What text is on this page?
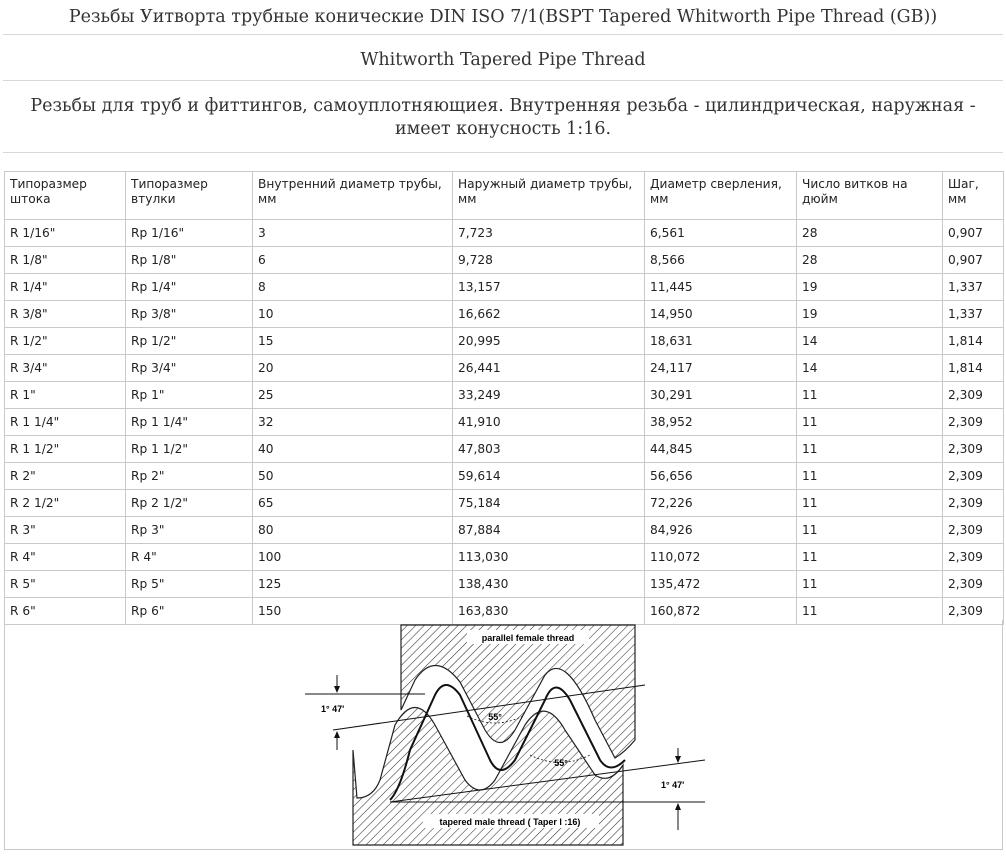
Резьбы Уитворта трубные конические DIN ISO 7/1(BSPT Tapered Whitworth Pipe Thread (GB))
Whitworth Tapered Pipe Thread
Резьбы для труб и фиттингов, самоуплотняющиея. Внутренняя резьба - цилиндрическая, наружная -
имеет конусность 1:16.
Типоразмер штока	Типоразмер втулки	Внутренний диаметр трубы, мм	Наружный диаметр трубы, мм	Диаметр сверления, мм	Число витков на дюйм	Шаг, мм
R 1/16"	Rp 1/16"	3	7,723	6,561	28	0,907
R 1/8"	Rp 1/8"	6	9,728	8,566	28	0,907
R 1/4"	Rp 1/4"	8	13,157	11,445	19	1,337
R 3/8"	Rp 3/8"	10	16,662	14,950	19	1,337
R 1/2"	Rp 1/2"	15	20,995	18,631	14	1,814
R 3/4"	Rp 3/4"	20	26,441	24,117	14	1,814
R 1"	Rp 1"	25	33,249	30,291	11	2,309
R 1 1/4"	Rp 1 1/4"	32	41,910	38,952	11	2,309
R 1 1/2"	Rp 1 1/2"	40	47,803	44,845	11	2,309
R 2"	Rp 2"	50	59,614	56,656	11	2,309
R 2 1/2"	Rp 2 1/2"	65	75,184	72,226	11	2,309
R 3"	Rp 3"	80	87,884	84,926	11	2,309
R 4"	R 4"	100	113,030	110,072	11	2,309
R 5"	Rp 5"	125	138,430	135,472	11	2,309
R 6"	Rp 6"	150	163,830	160,872	11	2,309
parallel female thread
tapered male thread ( Taper l :16)
1° 47'
1° 47'
55°
55°
